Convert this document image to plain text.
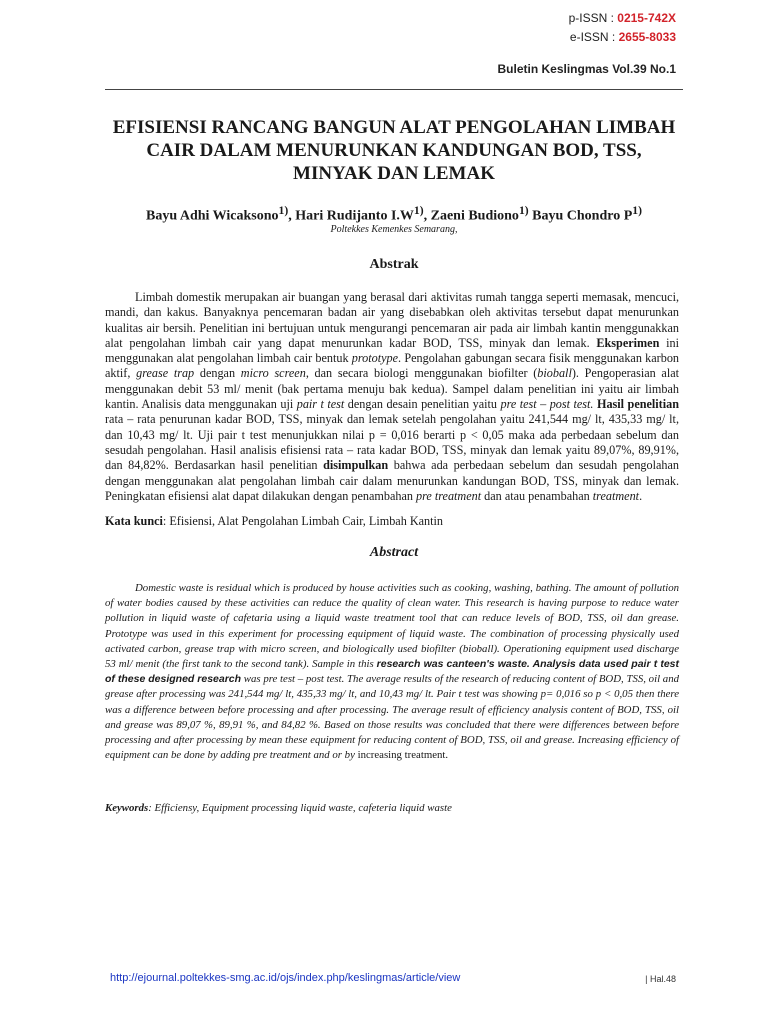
p-ISSN : 0215-742X
e-ISSN : 2655-8033
Buletin Keslingmas Vol.39 No.1
EFISIENSI RANCANG BANGUN ALAT PENGOLAHAN LIMBAH CAIR DALAM MENURUNKAN KANDUNGAN BOD, TSS, MINYAK DAN LEMAK
Bayu Adhi Wicaksono$^{1)}$, Hari Rudijanto $I.W^{1)}$, Zaeni Budiono$^{1)}$ Bayu Chondro $P^{1)}$
Poltekkes Kemenkes Semarang,
Abstrak

Limbah domestik merupakan air buangan yang berasal dari aktivitas rumah tangga seperti memasak, mencuci, mandi, dan kakus. Banyaknya pencemaran badan air yang disebabkan oleh aktivitas tersebut dapat menurunkan kualitas air bersih. Penelitian ini bertujuan untuk mengurangi pencemaran air pada air limbah kantin menggunakkan alat pengolahan limbah cair yang dapat menurunkan kadar BOD, TSS, minyak dan lemak. Eksperimen ini menggunakan alat pengolahan limbah cair bentuk prototype. Pengolahan gabungan secara fisik menggunakan karbon aktif, grease trap dengan micro screen, dan secara biologi menggunakan biofilter (bioball). Pengoperasian alat menggunakan debit 53 ml/ menit (bak pertama menuju bak kedua). Sampel dalam penelitian ini yaitu air limbah kantin. Analisis data menggunakan uji pair t test dengan desain penelitian yaitu pre test – post test. Hasil penelitian rata – rata penurunan kadar BOD, TSS, minyak dan lemak setelah pengolahan yaitu 241,544 mg/ lt, 435,33 mg/ lt, dan 10,43 mg/ lt. Uji pair t test menunjukkan nilai p = 0,016 berarti p < 0,05 maka ada perbedaan sebelum dan sesudah pengolahan. Hasil analisis efisiensi rata – rata kadar BOD, TSS, minyak dan lemak yaitu 89,07%, 89,91%, dan 84,82%. Berdasarkan hasil penelitian disimpulkan bahwa ada perbedaan sebelum dan sesudah pengolahan dengan menggunakan alat pengolahan limbah cair dalam menurunkan kandungan BOD, TSS, minyak dan lemak. Peningkatan efisiensi alat dapat dilakukan dengan penambahan pre treatment dan atau penambahan treatment.

Kata kunci: Efisiensi, Alat Pengolahan Limbah Cair, Limbah Kantin
Abstract

Domestic waste is residual which is produced by house activities such as cooking, washing, bathing. The amount of pollution of water bodies caused by these activities can reduce the quality of clean water. This research is having purpose to reduce water pollution in liquid waste of cafetaria using a liquid waste treatment tool that can reduce levels of BOD, TSS, oil dan grease. Prototype was used in this experiment for processing equipment of liquid waste. The combination of processing physically used activated carbon, grease trap with micro screen, and biologically used biofilter (bioball). Operationing equipment used discharge 53 ml/ menit (the first tank to the second tank). Sample in this research was canteen's waste. Analysis data used pair t test of these designed research was pre test – post test. The average results of the research of reducing content of BOD, TSS, oil and grease after processing was 241,544 mg/ lt, 435,33 mg/ lt, and 10,43 mg/ lt. Pair t test was showing p= 0,016 so p < 0,05 then there was a difference between before processing and after processing. The average result of efficiency analysis content of BOD, TSS, oil and grease was 89,07 %, 89,91 %, and 84,82 %. Based on those results was concluded that there were differences between before processing and after processing by mean these equipment for reducing content of BOD, TSS, oil and grease. Increasing efficiency of equipment can be done by adding pre treatment and or by increasing treatment.

Keywords: Efficiensy, Equipment processing liquid waste, cafeteria liquid waste
http://ejournal.poltekkes-smg.ac.id/ojs/index.php/keslingmas/article/view	| Hal.48
